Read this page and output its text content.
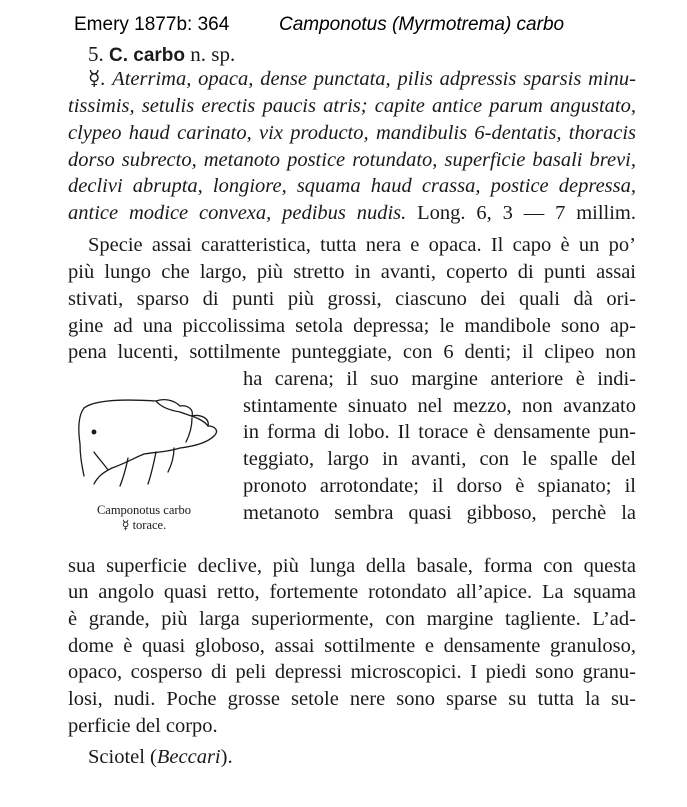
Emery 1877b: 364	Camponotus (Myrmotrema) carbo
5. C. carbo n. sp.
☿. Aterrima, opaca, dense punctata, pilis adpressis sparsis minu-
tissimis, setulis erectis paucis atris; capite antice parum angustato,
clypeo haud carinato, vix producto, mandibulis 6-dentatis, thoracis
dorso subrecto, metanoto postice rotundato, superficie basali brevi,
declivi abrupta, longiore, squama haud crassa, postice depressa,
antice modice convexa, pedibus nudis. Long. 6, 3 — 7 millim.
Specie assai caratteristica, tutta nera e opaca. Il capo è un po’
più lungo che largo, più stretto in avanti, coperto di punti assai
stivati, sparso di punti più grossi, ciascuno dei quali dà ori-
gine ad una piccolissima setola depressa; le mandibole sono ap-
pena lucenti, sottilmente punteggiate, con 6 denti; il clipeo non
ha carena; il suo margine anteriore è indi-
stintamente sinuato nel mezzo, non avanzato
in forma di lobo. Il torace è densamente pun-
teggiato, largo in avanti, con le spalle del
pronoto arrotondate; il dorso è spianato; il
metanoto sembra quasi gibboso, perchè la
Camponotus carbo
☿ torace.
sua superficie declive, più lunga della basale, forma con questa
un angolo quasi retto, fortemente rotondato all’apice. La squama
è grande, più larga superiormente, con margine tagliente. L’ad-
dome è quasi globoso, assai sottilmente e densamente granuloso,
opaco, cosperso di peli depressi microscopici. I piedi sono granu-
losi, nudi. Poche grosse setole nere sono sparse su tutta la su-
perficie del corpo.
Sciotel (Beccari).
